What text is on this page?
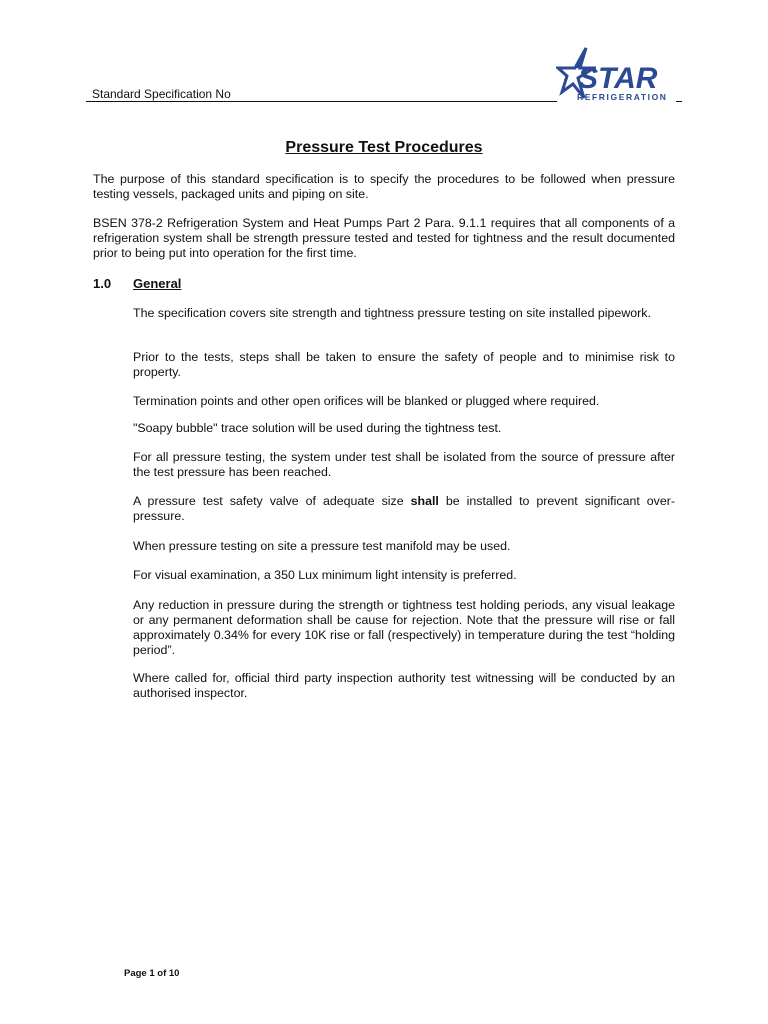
Standard Specification No	STAR
REFRIGERATION
Pressure Test Procedures

The purpose of this standard specification is to specify the procedures to be followed when pressure testing vessels, packaged units and piping on site.

BSEN 378-2 Refrigeration System and Heat Pumps Part 2 Para. 9.1.1 requires that all components of a refrigeration system shall be strength pressure tested and tested for tightness and the result documented prior to being put into operation for the first time.

1.0 General

The specification covers site strength and tightness pressure testing on site installed pipework.

Prior to the tests, steps shall be taken to ensure the safety of people and to minimise risk to property.

Termination points and other open orifices will be blanked or plugged where required.

"Soapy bubble" trace solution will be used during the tightness test.

For all pressure testing, the system under test shall be isolated from the source of pressure after the test pressure has been reached.

A pressure test safety valve of adequate size shall be installed to prevent significant over-pressure.

When pressure testing on site a pressure test manifold may be used.

For visual examination, a 350 Lux minimum light intensity is preferred.

Any reduction in pressure during the strength or tightness test holding periods, any visual leakage or any permanent deformation shall be cause for rejection. Note that the pressure will rise or fall approximately 0.34% for every 10K rise or fall (respectively) in temperature during the test “holding period”.

Where called for, official third party inspection authority test witnessing will be conducted by an authorised inspector.

Page 1 of 10
